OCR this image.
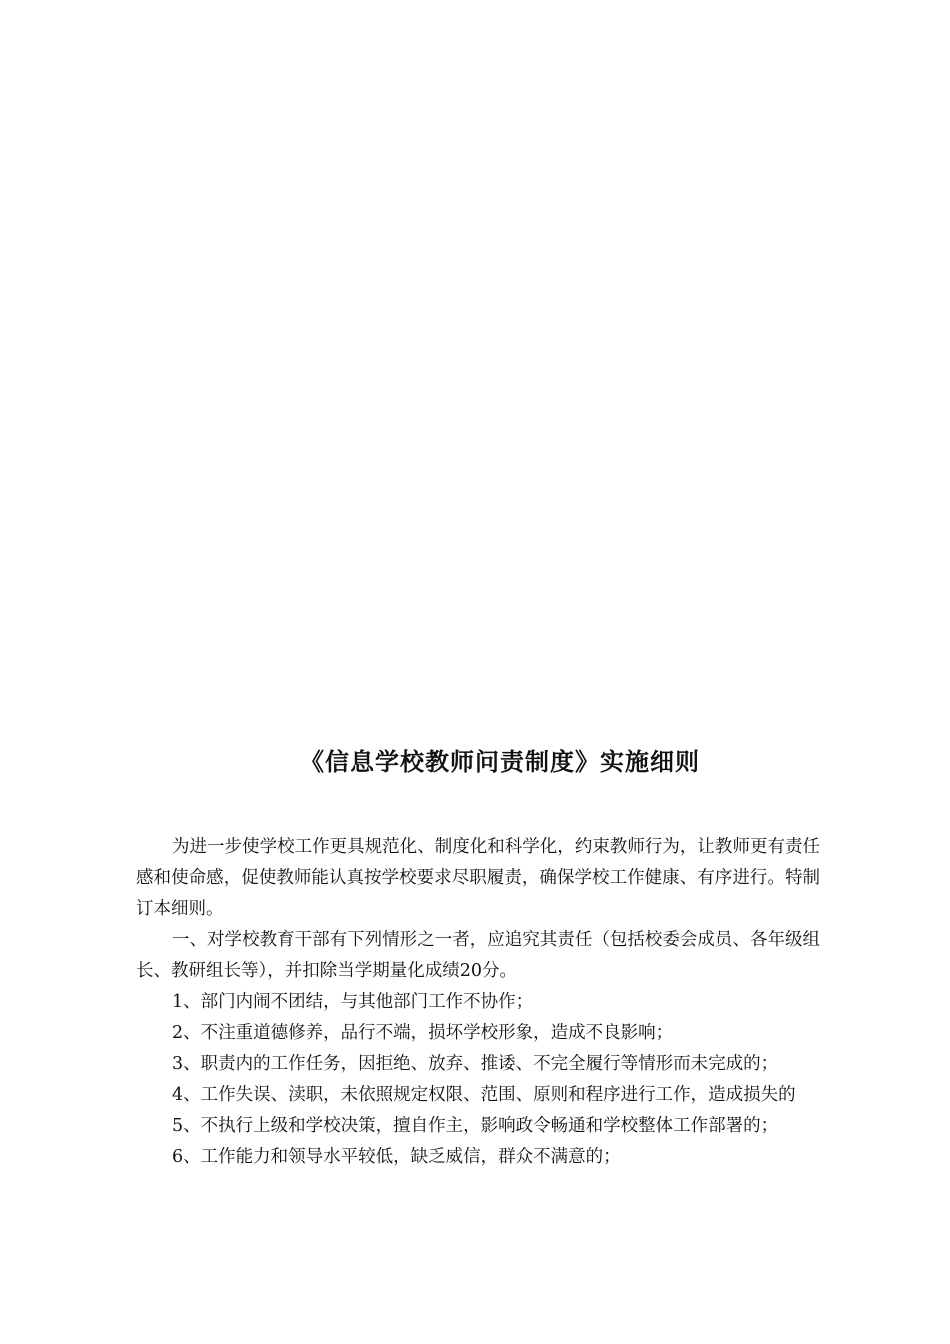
《信息学校教师问责制度》实施细则

为进一步使学校工作更具规范化、制度化和科学化，约束教师行为，让教师更有责任感和使命感，促使教师能认真按学校要求尽职履责，确保学校工作健康、有序进行。特制订本细则。

一、对学校教育干部有下列情形之一者，应追究其责任（包括校委会成员、各年级组长、教研组长等），并扣除当学期量化成绩20分。

1、部门内闹不团结，与其他部门工作不协作；

2、不注重道德修养，品行不端，损坏学校形象，造成不良影响；

3、职责内的工作任务，因拒绝、放弃、推诿、不完全履行等情形而未完成的；

4、工作失误、渎职，未依照规定权限、范围、原则和程序进行工作，造成损失的

5、不执行上级和学校决策，擅自作主，影响政令畅通和学校整体工作部署的；

6、工作能力和领导水平较低，缺乏威信，群众不满意的；
